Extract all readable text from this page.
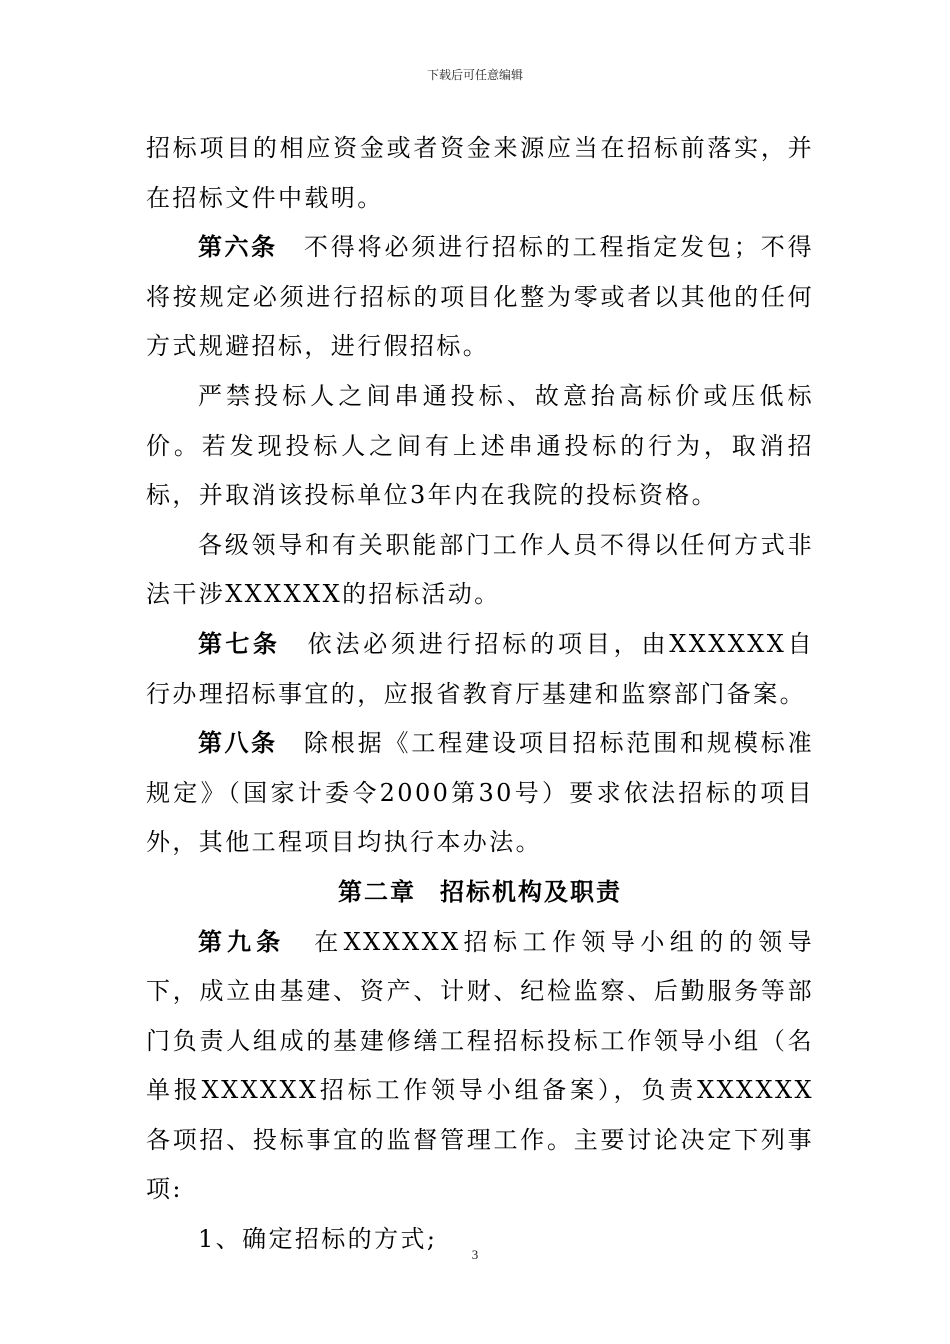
下载后可任意编辑

招标项目的相应资金或者资金来源应当在招标前落实，并在招标文件中载明。

第六条 不得将必须进行招标的工程指定发包；不得将按规定必须进行招标的项目化整为零或者以其他的任何方式规避招标，进行假招标。

严禁投标人之间串通投标、故意抬高标价或压低标价。若发现投标人之间有上述串通投标的行为，取消招标，并取消该投标单位3年内在我院的投标资格。

各级领导和有关职能部门工作人员不得以任何方式非法干涉XXXXXX的招标活动。

第七条 依法必须进行招标的项目，由XXXXXX自行办理招标事宜的，应报省教育厅基建和监察部门备案。

第八条 除根据《工程建设项目招标范围和规模标准规定》（国家计委令2000第30号）要求依法招标的项目外，其他工程项目均执行本办法。

第二章 招标机构及职责

第九条 在XXXXXX招标工作领导小组的的领导下，成立由基建、资产、计财、纪检监察、后勤服务等部门负责人组成的基建修缮工程招标投标工作领导小组（名单报XXXXXX招标工作领导小组备案），负责XXXXXX各项招、投标事宜的监督管理工作。主要讨论决定下列事项:

1、确定招标的方式;

3
